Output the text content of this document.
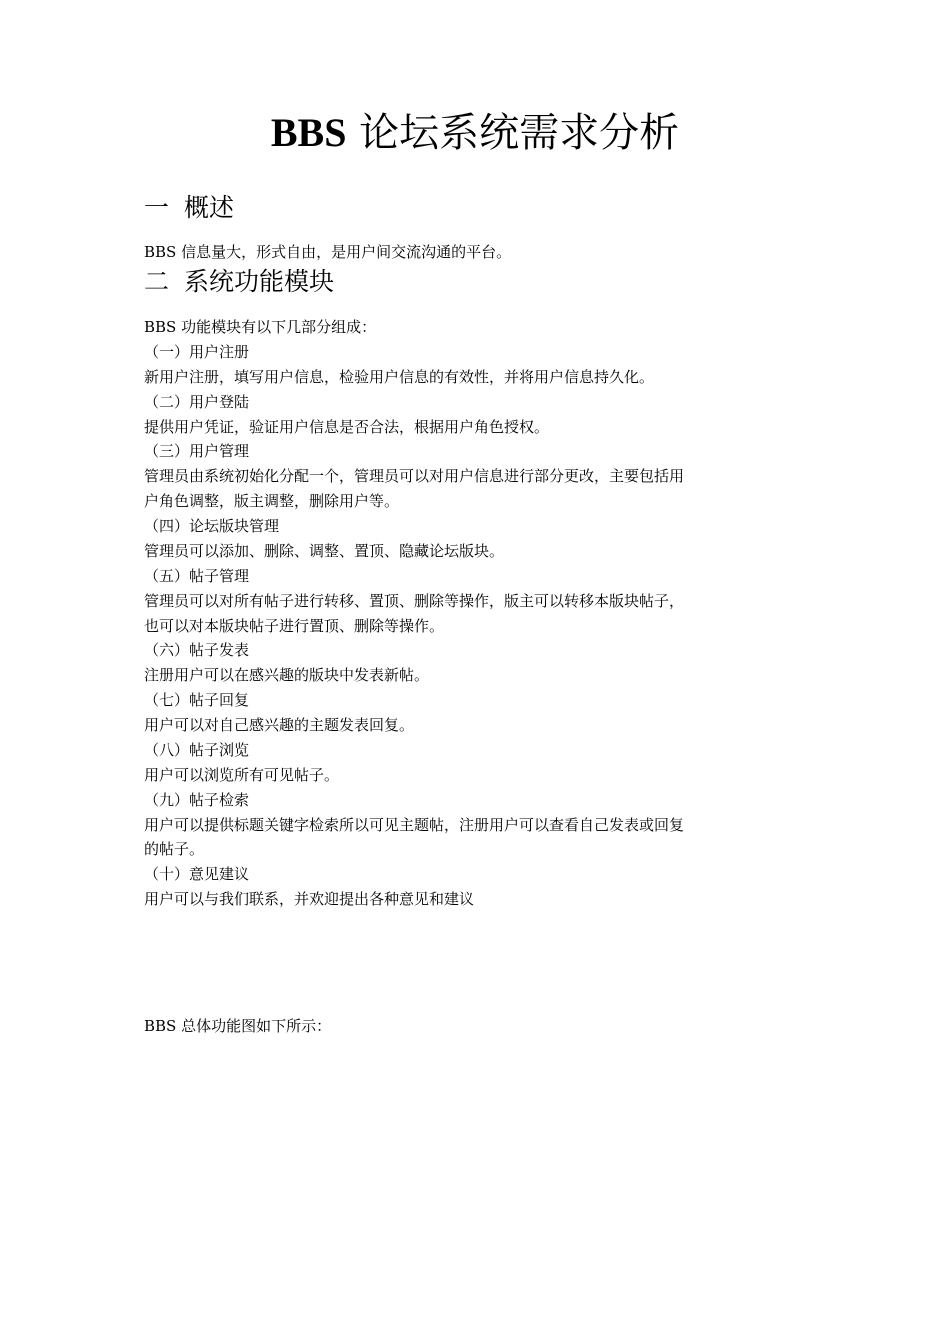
BBS 论坛系统需求分析
一 概述
BBS 信息量大，形式自由，是用户间交流沟通的平台。
二 系统功能模块
BBS 功能模块有以下几部分组成：
（一）用户注册
新用户注册，填写用户信息，检验用户信息的有效性，并将用户信息持久化。
（二）用户登陆
提供用户凭证，验证用户信息是否合法，根据用户角色授权。
（三）用户管理
管理员由系统初始化分配一个，管理员可以对用户信息进行部分更改，主要包括用
户角色调整，版主调整，删除用户等。
（四）论坛版块管理
管理员可以添加、删除、调整、置顶、隐藏论坛版块。
（五）帖子管理
管理员可以对所有帖子进行转移、置顶、删除等操作，版主可以转移本版块帖子，
也可以对本版块帖子进行置顶、删除等操作。
（六）帖子发表
注册用户可以在感兴趣的版块中发表新帖。
（七）帖子回复
用户可以对自己感兴趣的主题发表回复。
（八）帖子浏览
用户可以浏览所有可见帖子。
（九）帖子检索
用户可以提供标题关键字检索所以可见主题帖，注册用户可以查看自己发表或回复
的帖子。
（十）意见建议
用户可以与我们联系，并欢迎提出各种意见和建议
BBS 总体功能图如下所示：
